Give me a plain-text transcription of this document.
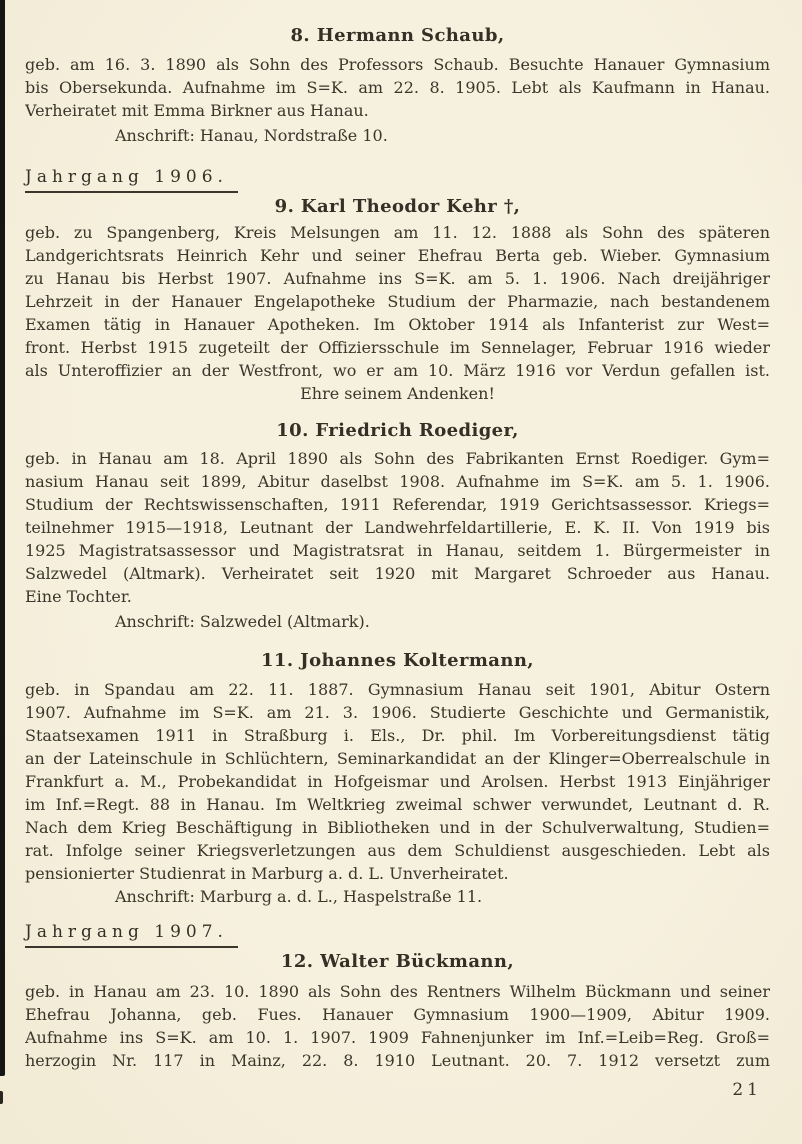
8. Hermann Schaub,
geb. am 16. 3. 1890 als Sohn des Professors Schaub. Besuchte Hanauer Gymnasium
bis Obersekunda. Aufnahme im S=K. am 22. 8. 1905. Lebt als Kaufmann in Hanau.
Verheiratet mit Emma Birkner aus Hanau.
Anschrift: Hanau, Nordstraße 10.
Jahrgang 1906.
9. Karl Theodor Kehr †,
geb. zu Spangenberg, Kreis Melsungen am 11. 12. 1888 als Sohn des späteren
Landgerichtsrats Heinrich Kehr und seiner Ehefrau Berta geb. Wieber. Gymnasium
zu Hanau bis Herbst 1907. Aufnahme ins S=K. am 5. 1. 1906. Nach dreijähriger
Lehrzeit in der Hanauer Engelapotheke Studium der Pharmazie, nach bestandenem
Examen tätig in Hanauer Apotheken. Im Oktober 1914 als Infanterist zur West=
front. Herbst 1915 zugeteilt der Offiziersschule im Sennelager, Februar 1916 wieder
als Unteroffizier an der Westfront, wo er am 10. März 1916 vor Verdun gefallen ist.
Ehre seinem Andenken!
10. Friedrich Roediger,
geb. in Hanau am 18. April 1890 als Sohn des Fabrikanten Ernst Roediger. Gym=
nasium Hanau seit 1899, Abitur daselbst 1908. Aufnahme im S=K. am 5. 1. 1906.
Studium der Rechtswissenschaften, 1911 Referendar, 1919 Gerichtsassessor. Kriegs=
teilnehmer 1915—1918, Leutnant der Landwehrfeldartillerie, E. K. II. Von 1919 bis
1925 Magistratsassessor und Magistratsrat in Hanau, seitdem 1. Bürgermeister in
Salzwedel (Altmark). Verheiratet seit 1920 mit Margaret Schroeder aus Hanau.
Eine Tochter.
Anschrift: Salzwedel (Altmark).
11. Johannes Koltermann,
geb. in Spandau am 22. 11. 1887. Gymnasium Hanau seit 1901, Abitur Ostern
1907. Aufnahme im S=K. am 21. 3. 1906. Studierte Geschichte und Germanistik,
Staatsexamen 1911 in Straßburg i. Els., Dr. phil. Im Vorbereitungsdienst tätig
an der Lateinschule in Schlüchtern, Seminarkandidat an der Klinger=Oberrealschule in
Frankfurt a. M., Probekandidat in Hofgeismar und Arolsen. Herbst 1913 Einjähriger
im Inf.=Regt. 88 in Hanau. Im Weltkrieg zweimal schwer verwundet, Leutnant d. R.
Nach dem Krieg Beschäftigung in Bibliotheken und in der Schulverwaltung, Studien=
rat. Infolge seiner Kriegsverletzungen aus dem Schuldienst ausgeschieden. Lebt als
pensionierter Studienrat in Marburg a. d. L. Unverheiratet.
Anschrift: Marburg a. d. L., Haspelstraße 11.
Jahrgang 1907.
12. Walter Bückmann,
geb. in Hanau am 23. 10. 1890 als Sohn des Rentners Wilhelm Bückmann und seiner
Ehefrau Johanna, geb. Fues. Hanauer Gymnasium 1900—1909, Abitur 1909.
Aufnahme ins S=K. am 10. 1. 1907. 1909 Fahnenjunker im Inf.=Leib=Reg. Groß=
herzogin Nr. 117 in Mainz, 22. 8. 1910 Leutnant. 20. 7. 1912 versetzt zum
21
